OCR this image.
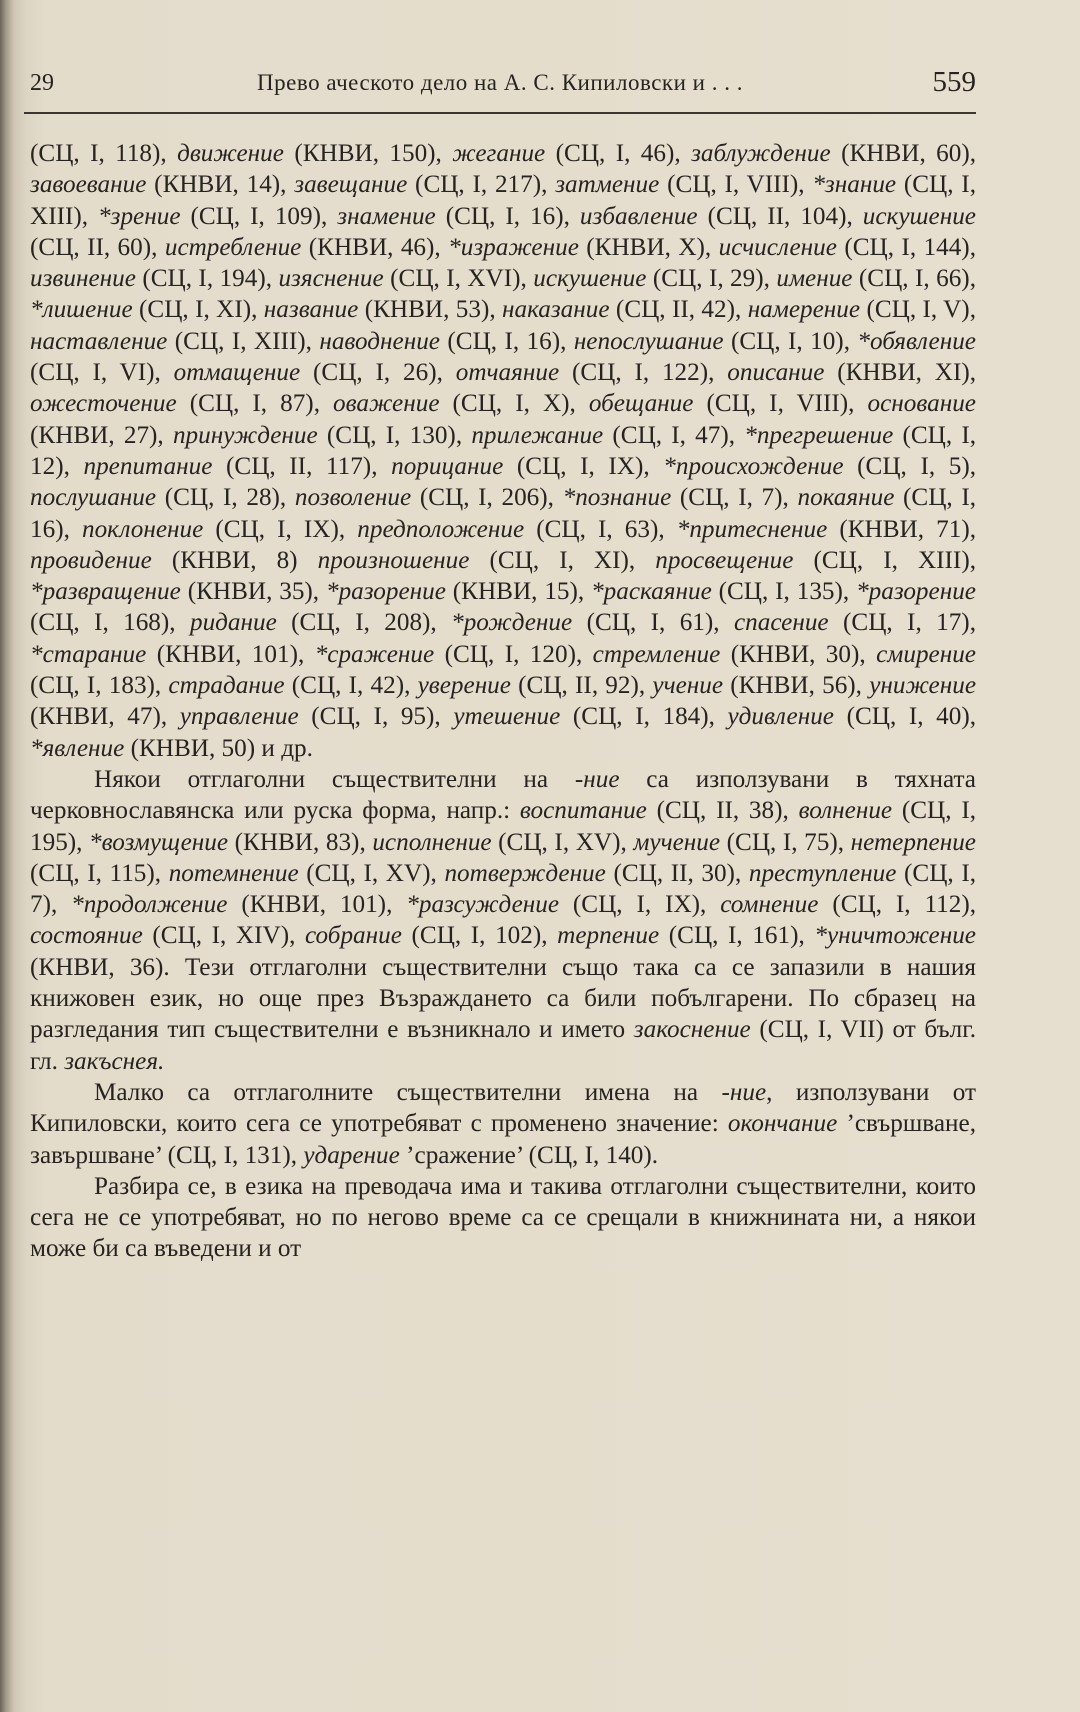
29	Прево аческото дело на А. С. Кипиловски и . . .	559

(СЦ, I, 118), движение (КНВИ, 150), жегание (СЦ, I, 46), заблуждение (КНВИ, 60), завоевание (КНВИ, 14), завещание (СЦ, I, 217), затмение (СЦ, I, VIII), *знание (СЦ, I, XIII), *зрение (СЦ, I, 109), знамение (СЦ, I, 16), избавление (СЦ, II, 104), искушение (СЦ, II, 60), истребление (КНВИ, 46), *изражение (КНВИ, X), исчисление (СЦ, I, 144), извинение (СЦ, I, 194), изяснение (СЦ, I, XVI), искушение (СЦ, I, 29), имение (СЦ, I, 66), *лишение (СЦ, I, XI), название (КНВИ, 53), наказание (СЦ, II, 42), намерение (СЦ, I, V), наставление (СЦ, I, XIII), наводнение (СЦ, I, 16), непослушание (СЦ, I, 10), *обявление (СЦ, I, VI), отмащение (СЦ, I, 26), отчаяние (СЦ, I, 122), описание (КНВИ, XI), ожесточение (СЦ, I, 87), оважение (СЦ, I, X), обещание (СЦ, I, VIII), основание (КНВИ, 27), принуждение (СЦ, I, 130), прилежание (СЦ, I, 47), *прегрешение (СЦ, I, 12), препитание (СЦ, II, 117), порицание (СЦ, I, IX), *происхождение (СЦ, I, 5), послушание (СЦ, I, 28), позволение (СЦ, I, 206), *познание (СЦ, I, 7), покаяние (СЦ, I, 16), поклонение (СЦ, I, IX), предположение (СЦ, I, 63), *притеснение (КНВИ, 71), провидение (КНВИ, 8) произношение (СЦ, I, XI), просвещение (СЦ, I, XIII), *развращение (КНВИ, 35), *разорение (КНВИ, 15), *раскаяние (СЦ, I, 135), *разорение (СЦ, I, 168), ридание (СЦ, I, 208), *рождение (СЦ, I, 61), спасение (СЦ, I, 17), *старание (КНВИ, 101), *сражение (СЦ, I, 120), стремление (КНВИ, 30), смирение (СЦ, I, 183), страдание (СЦ, I, 42), уверение (СЦ, II, 92), учение (КНВИ, 56), унижение (КНВИ, 47), управление (СЦ, I, 95), утешение (СЦ, I, 184), удивление (СЦ, I, 40), *явление (КНВИ, 50) и др.

Някои отглаголни съществителни на -ние са използувани в тяхната черковнославянска или руска форма, напр.: воспитание (СЦ, II, 38), волнение (СЦ, I, 195), *возмущение (КНВИ, 83), исполнение (СЦ, I, XV), мучение (СЦ, I, 75), нетерпение (СЦ, I, 115), потемнение (СЦ, I, XV), потверждение (СЦ, II, 30), преступление (СЦ, I, 7), *продолжение (КНВИ, 101), *разсуждение (СЦ, I, IX), сомнение (СЦ, I, 112), состояние (СЦ, I, XIV), собрание (СЦ, I, 102), терпение (СЦ, I, 161), *уничтожение (КНВИ, 36). Тези отглаголни съществителни също така са се запазили в нашия книжовен език, но още през Възраждането са били побългарени. По сбразец на разгледания тип съществителни е възникнало и името закоснение (СЦ, I, VII) от бълг. гл. закъснея.

Малко са отглаголните съществителни имена на -ние, използувани от Кипиловски, които сега се употребяват с променено значение: окончание ’свършване, завършване’ (СЦ, I, 131), ударение ’сражение’ (СЦ, I, 140).

Разбира се, в езика на преводача има и такива отглаголни съществителни, които сега не се употребяват, но по негово време са се срещали в книжнината ни, а някои може би са въведени и от
